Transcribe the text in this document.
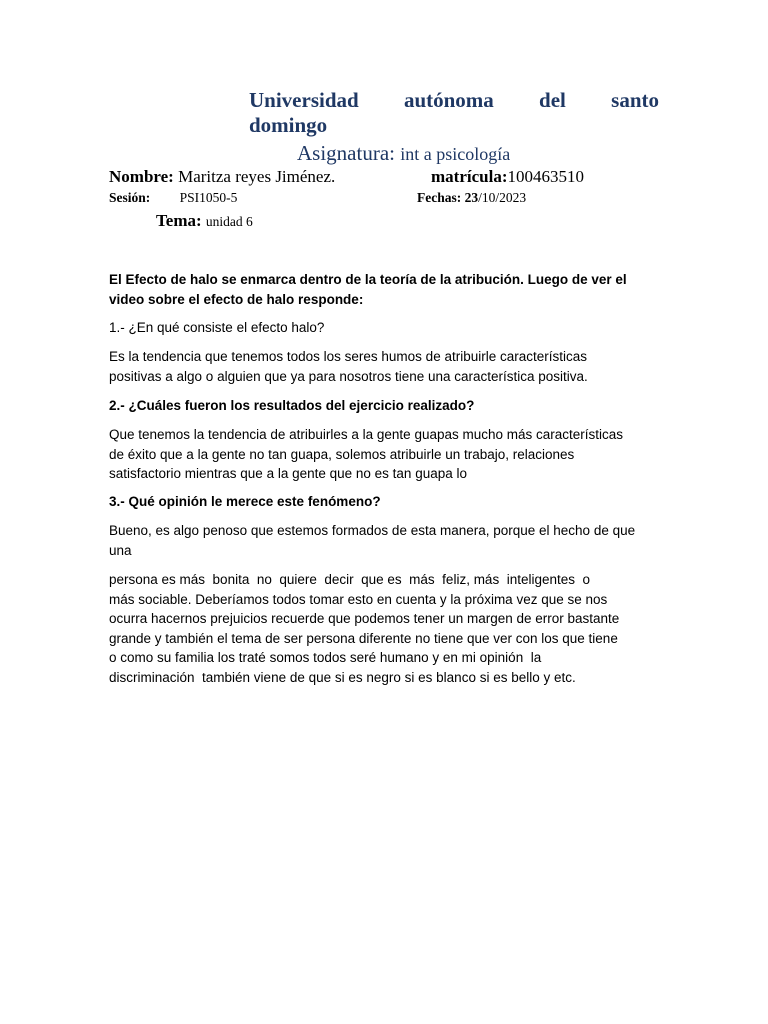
Universidad autónoma del santo
domingo
Asignatura: int a psicología
Nombre: Maritza reyes Jiménez.	matrícula:100463510
Sesión: PSI1050-5	Fechas: 23/10/2023
Tema: unidad 6
El Efecto de halo se enmarca dentro de la teoría de la atribución. Luego de ver el video sobre el efecto de halo responde:
1.- ¿En qué consiste el efecto halo?
Es la tendencia que tenemos todos los seres humos de atribuirle características
positivas a algo o alguien que ya para nosotros tiene una característica positiva.
2.- ¿Cuáles fueron los resultados del ejercicio realizado?
Que tenemos la tendencia de atribuirles a la gente guapas mucho más características
de éxito que a la gente no tan guapa, solemos atribuirle un trabajo, relaciones
satisfactorio mientras que a la gente que no es tan guapa lo
3.- Qué opinión le merece este fenómeno?
Bueno, es algo penoso que estemos formados de esta manera, porque el hecho de que
una
persona es más  bonita  no  quiere  decir  que es  más  feliz, más  inteligentes  o
más sociable. Deberíamos todos tomar esto en cuenta y la próxima vez que se nos
ocurra hacernos prejuicios recuerde que podemos tener un margen de error bastante
grande y también el tema de ser persona diferente no tiene que ver con los que tiene
o como su familia los traté somos todos seré humano y en mi opinión  la
discriminación  también viene de que si es negro si es blanco si es bello y etc.
